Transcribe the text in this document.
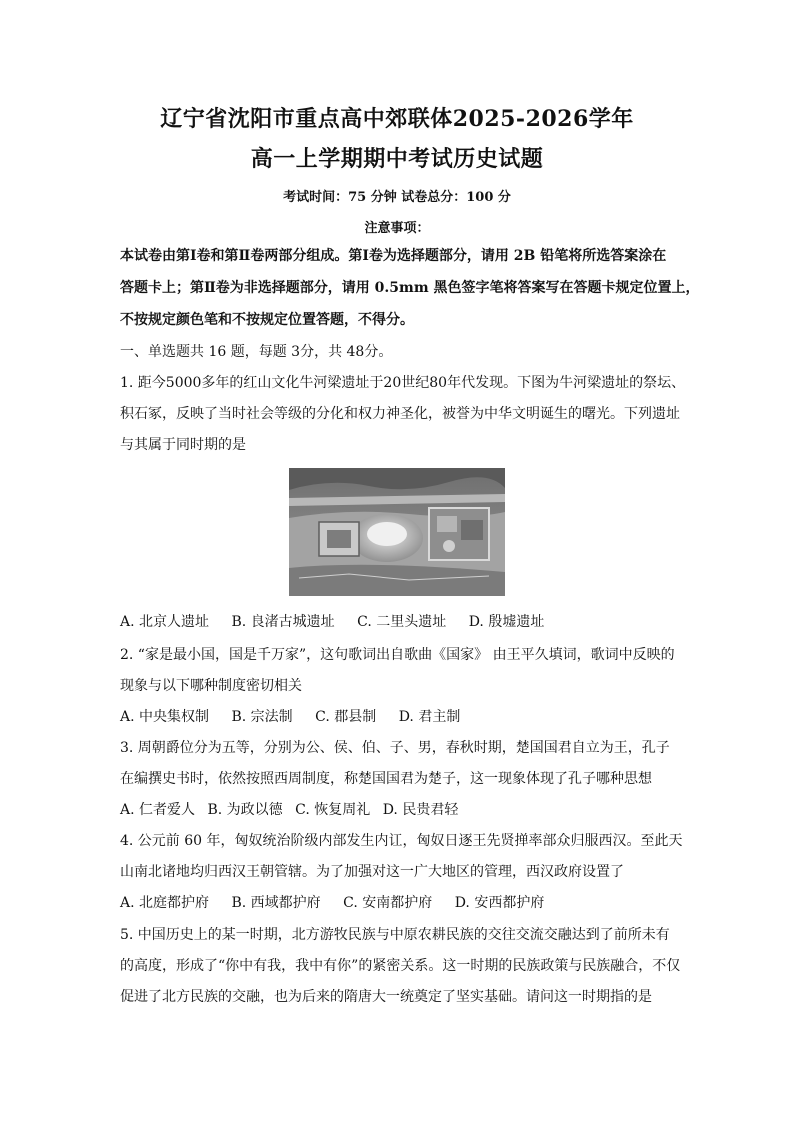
辽宁省沈阳市重点高中郊联体2025-2026学年
高一上学期期中考试历史试题
考试时间：75 分钟 试卷总分：100 分
注意事项：
本试卷由第Ⅰ卷和第Ⅱ卷两部分组成。第Ⅰ卷为选择题部分，请用 2B 铅笔将所选答案涂在
答题卡上；第Ⅱ卷为非选择题部分，请用 0.5mm 黑色签字笔将答案写在答题卡规定位置上，
不按规定颜色笔和不按规定位置答题，不得分。
一、单选题共 16 题，每题 3分，共 48分。
1. 距今5000多年的红山文化牛河梁遗址于20世纪80年代发现。下图为牛河梁遗址的祭坛、
积石冢，反映了当时社会等级的分化和权力神圣化，被誉为中华文明诞生的曙光。下列遗址
与其属于同时期的是
A. 北京人遗址 B. 良渚古城遗址 C. 二里头遗址 D. 殷墟遗址
2. “家是最小国，国是千万家”，这句歌词出自歌曲《国家》 由王平久填词，歌词中反映的
现象与以下哪种制度密切相关
A. 中央集权制 B. 宗法制 C. 郡县制 D. 君主制
3. 周朝爵位分为五等，分别为公、侯、伯、子、男，春秋时期，楚国国君自立为王，孔子
在编撰史书时，依然按照西周制度，称楚国国君为楚子，这一现象体现了孔子哪种思想
A. 仁者爱人 B. 为政以德 C. 恢复周礼 D. 民贵君轻
4. 公元前 60 年，匈奴统治阶级内部发生内讧，匈奴日逐王先贤掸率部众归服西汉。至此天
山南北诸地均归西汉王朝管辖。为了加强对这一广大地区的管理，西汉政府设置了
A. 北庭都护府 B. 西域都护府 C. 安南都护府 D. 安西都护府
5. 中国历史上的某一时期，北方游牧民族与中原农耕民族的交往交流交融达到了前所未有
的高度，形成了“你中有我，我中有你”的紧密关系。这一时期的民族政策与民族融合，不仅
促进了北方民族的交融，也为后来的隋唐大一统奠定了坚实基础。请问这一时期指的是
